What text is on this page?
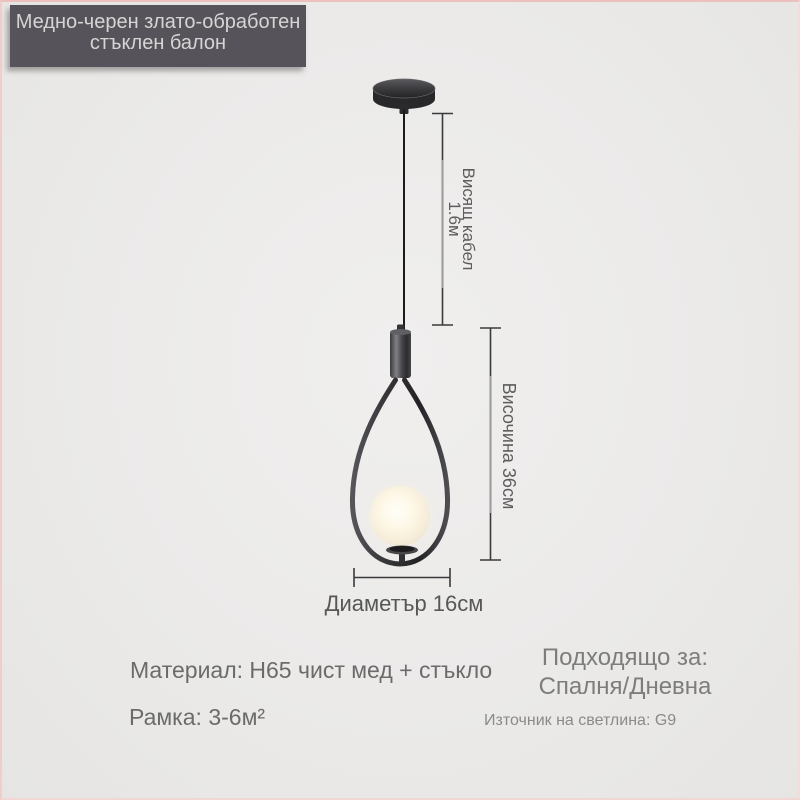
Медно-черен злато-обработен
стъклен балон
Висящ кабел
1.6м
Височина 36см
Диаметър 16см
Материал: H65 чист мед + стъкло
Рамка: 3-6м²
Подходящо за:
Спалня/Дневна
Източник на светлина: G9
